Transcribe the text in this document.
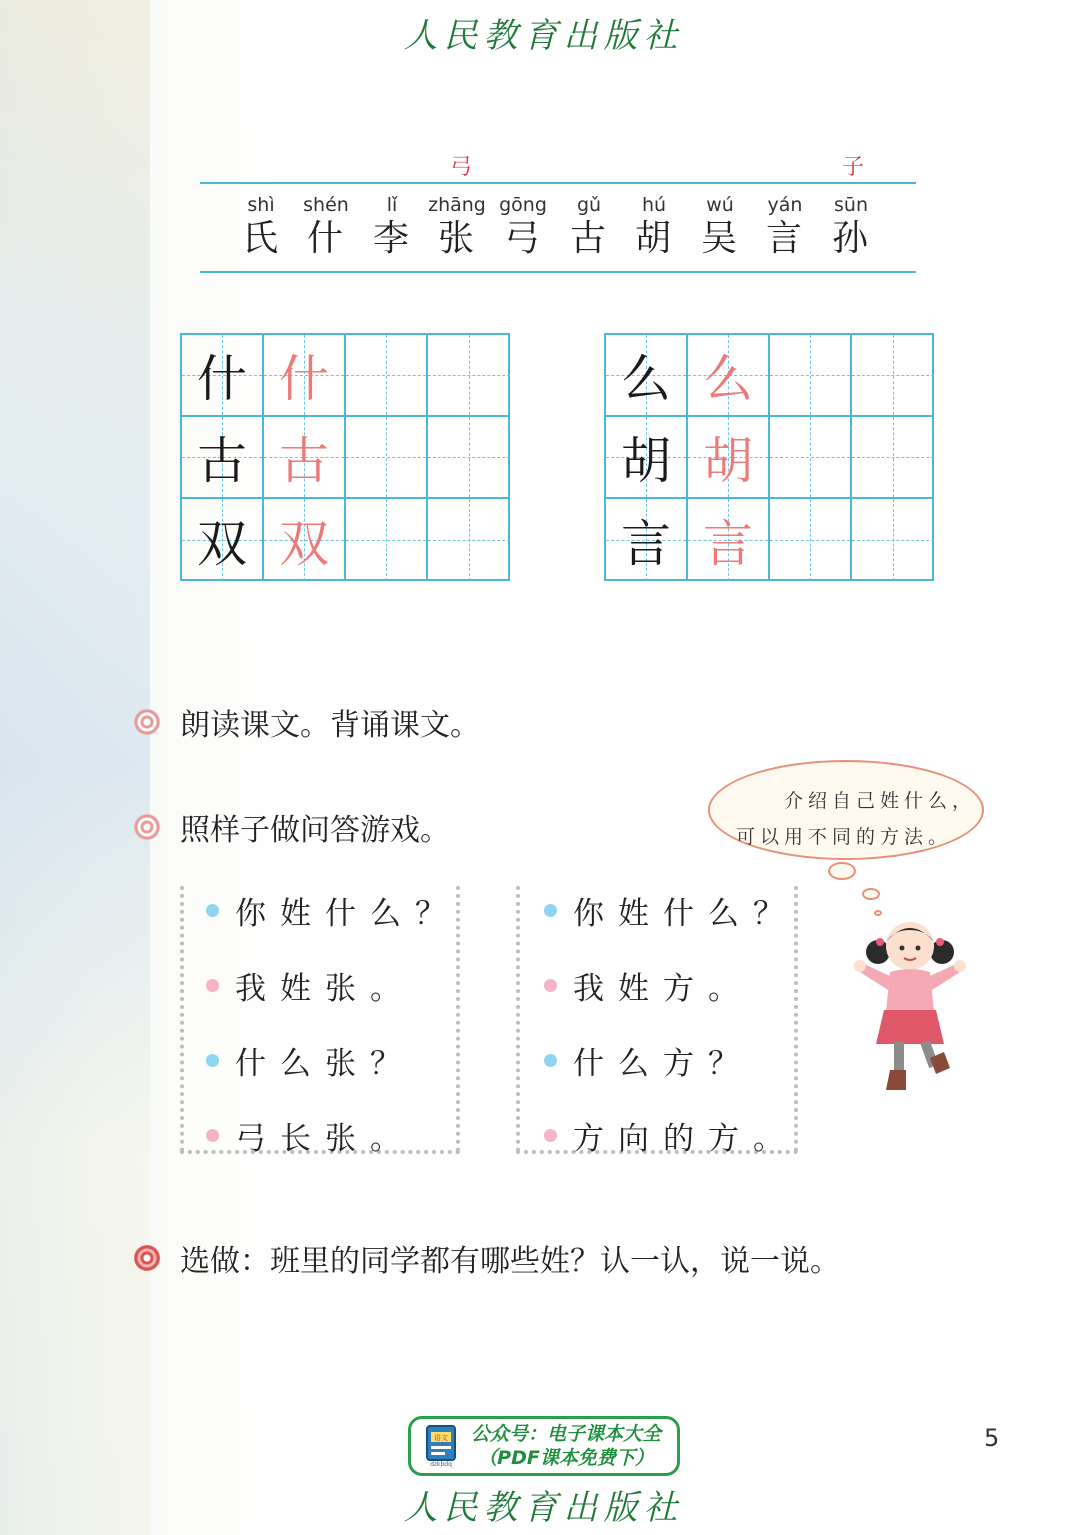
人民教育出版社
弓	子
shì
氏
shén
什
lǐ
李
zhāng
张
gōng
弓
gǔ
古
hú
胡
wú
吴
yán
言
sūn
孙
什 什
古 古
双 双
么 么
胡 胡
言 言
朗读课文。背诵课文。
照样子做问答游戏。
选做：班里的同学都有哪些姓？认一认，说一说。
介绍自己姓什么，
可以用不同的方法。
你姓什么？
我姓张。
什么张？
弓长张。
你姓什么？
我姓方。
什么方？
方向的方。
dzkbdq
语文 公众号：电子课本大全
（PDF课本免费下）
5
人民教育出版社
